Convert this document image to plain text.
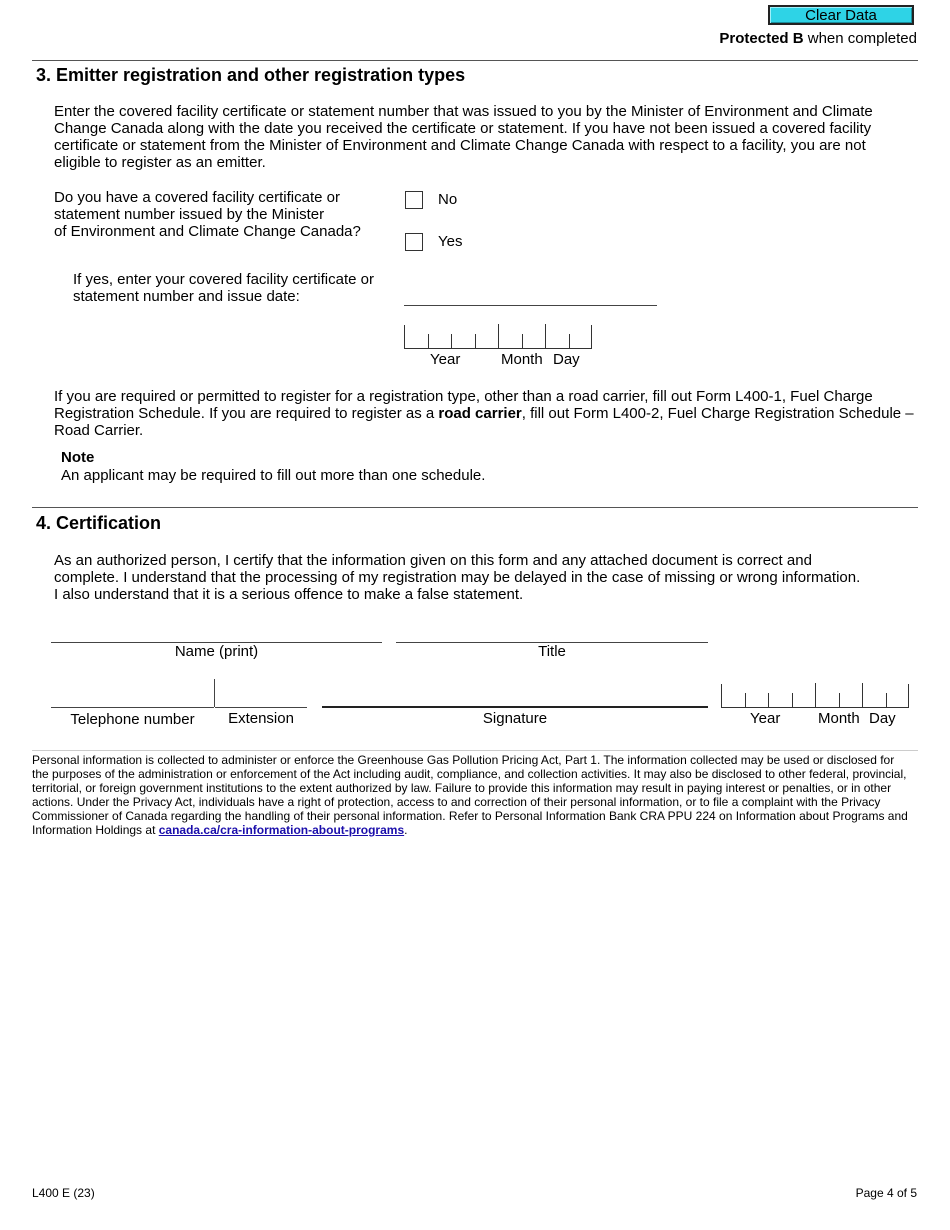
Clear Data
Protected B when completed
3. Emitter registration and other registration types
Enter the covered facility certificate or statement number that was issued to you by the Minister of Environment and Climate Change Canada along with the date you received the certificate or statement. If you have not been issued a covered facility certificate or statement from the Minister of Environment and Climate Change Canada with respect to a facility, you are not eligible to register as an emitter.
Do you have a covered facility certificate or
statement number issued by the Minister
of Environment and Climate Change Canada?
No
Yes
If yes, enter your covered facility certificate or
statement number and issue date:
Year	Month Day
If you are required or permitted to register for a registration type, other than a road carrier, fill out Form L400-1, Fuel Charge Registration Schedule. If you are required to register as a road carrier, fill out Form L400-2, Fuel Charge Registration Schedule – Road Carrier.
Note
An applicant may be required to fill out more than one schedule.
4. Certification
As an authorized person, I certify that the information given on this form and any attached document is correct and
complete. I understand that the processing of my registration may be delayed in the case of missing or wrong information.
I also understand that it is a serious offence to make a false statement.
Name (print)	Title
Telephone number	Extension	Signature	Year	Month Day
Personal information is collected to administer or enforce the Greenhouse Gas Pollution Pricing Act, Part 1. The information collected may be used or disclosed for the purposes of the administration or enforcement of the Act including audit, compliance, and collection activities. It may also be disclosed to other federal, provincial, territorial, or foreign government institutions to the extent authorized by law. Failure to provide this information may result in paying interest or penalties, or in other actions. Under the Privacy Act, individuals have a right of protection, access to and correction of their personal information, or to file a complaint with the Privacy Commissioner of Canada regarding the handling of their personal information. Refer to Personal Information Bank CRA PPU 224 on Information about Programs and Information Holdings at canada.ca/cra-information-about-programs.
L400 E (23)	Page 4 of 5
